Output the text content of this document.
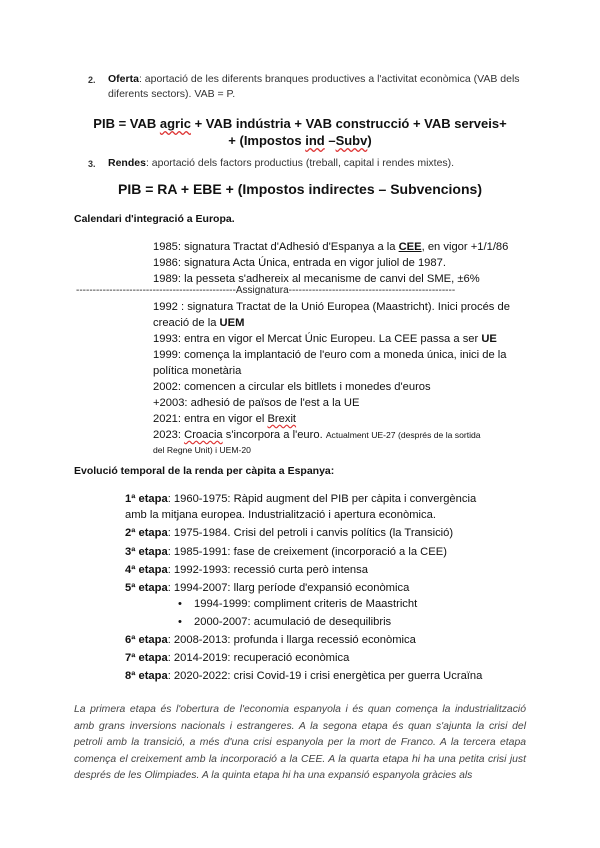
2. Oferta: aportació de les diferents branques productives a l'activitat econòmica (VAB dels diferents sectors). VAB = P.
PIB = VAB agric + VAB indústria + VAB construcció + VAB serveis+
+ (Impostos ind –Subv)
3. Rendes: aportació dels factors productius (treball, capital i rendes mixtes).
PIB = RA + EBE + (Impostos indirectes – Subvencions)
Calendari d'integració a Europa.
1985: signatura Tractat d'Adhesió d'Espanya a la CEE, en vigor +1/1/86
1986: signatura Acta Única, entrada en vigor juliol de 1987.
1989: la pesseta s'adhereix al mecanisme de canvi del SME, ±6%
------------------------------------------------Assignatura--------------------------------------------------
1992 : signatura Tractat de la Unió Europea (Maastricht). Inici procés de
creació de la UEM
1993: entra en vigor el Mercat Únic Europeu. La CEE passa a ser UE
1999: comença la implantació de l'euro com a moneda única, inici de la
política monetària
2002: comencen a circular els bitllets i monedes d'euros
+2003: adhesió de països de l'est a la UE
2021: entra en vigor el Brexit
2023: Croacia s'incorpora a l'euro. Actualment UE-27 (després de la sortida
del Regne Unit) i UEM-20
Evolució temporal de la renda per càpita a Espanya:
1ª etapa: 1960-1975: Ràpid augment del PIB per càpita i convergència
amb la mitjana europea. Industrialització i apertura econòmica.
2ª etapa: 1975-1984. Crisi del petroli i canvis polítics (la Transició)
3ª etapa: 1985-1991: fase de creixement (incorporació a la CEE)
4ª etapa: 1992-1993: recessió curta però intensa
5ª etapa: 1994-2007: llarg període d'expansió econòmica
• 1994-1999: compliment criteris de Maastricht
• 2000-2007: acumulació de desequilibris
6ª etapa: 2008-2013: profunda i llarga recessió econòmica
7ª etapa: 2014-2019: recuperació econòmica
8ª etapa: 2020-2022: crisi Covid-19 i crisi energètica per guerra Ucraïna
La primera etapa és l'obertura de l'economia espanyola i és quan comença la industrialització amb grans inversions nacionals i estrangeres. A la segona etapa és quan s'ajunta la crisi del petroli amb la transició, a més d'una crisi espanyola per la mort de Franco. A la tercera etapa comença el creixement amb la incorporació a la CEE. A la quarta etapa hi ha una petita crisi just després de les Olimpiades. A la quinta etapa hi ha una expansió espanyola gràcies als
